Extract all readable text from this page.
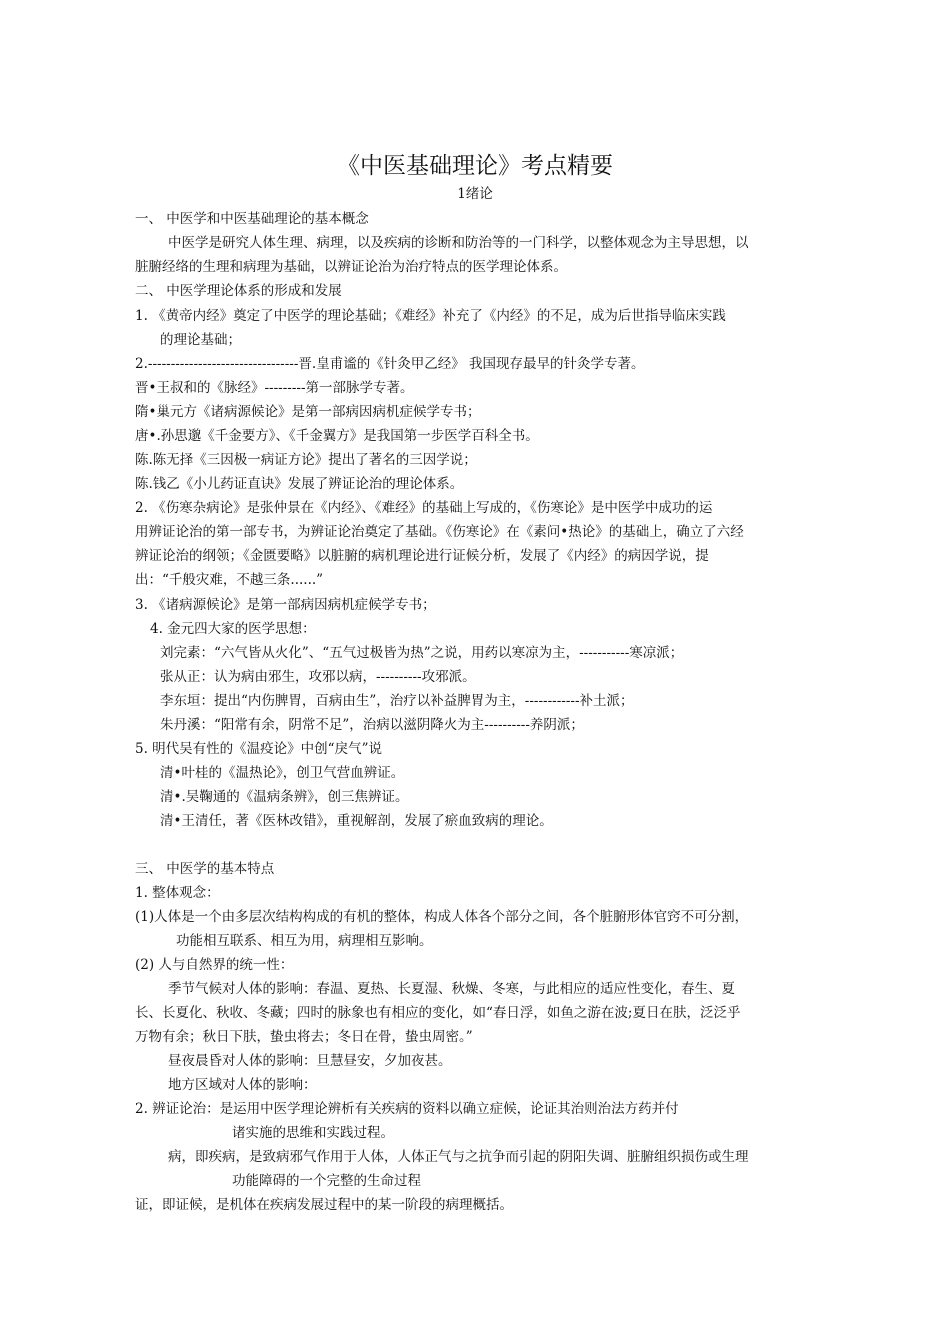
《中医基础理论》考点精要
1绪论
一、 中医学和中医基础理论的基本概念
中医学是研究人体生理、病理，以及疾病的诊断和防治等的一门科学，以整体观念为主导思想，以
脏腑经络的生理和病理为基础，以辨证论治为治疗特点的医学理论体系。
二、 中医学理论体系的形成和发展
1. 《黄帝内经》奠定了中医学的理论基础；《难经》补充了《内经》的不足，成为后世指导临床实践
的理论基础；
2.---------------------------------晋.皇甫谧的《针灸甲乙经》 我国现存最早的针灸学专著。
晋•王叔和的《脉经》---------第一部脉学专著。
隋•巢元方《诸病源候论》是第一部病因病机症候学专书；
唐•.孙思邈《千金要方》、《千金翼方》是我国第一步医学百科全书。
陈.陈无择《三因极一病证方论》提出了著名的三因学说；
陈.钱乙《小儿药证直诀》发展了辨证论治的理论体系。
2. 《伤寒杂病论》是张仲景在《内经》、《难经》的基础上写成的，《伤寒论》是中医学中成功的运
用辨证论治的第一部专书，为辨证论治奠定了基础。《伤寒论》在《素问•热论》的基础上，确立了六经
辨证论治的纲领；《金匮要略》以脏腑的病机理论进行证候分析，发展了《内经》的病因学说，提
出：“千般灾难，不越三条......”
3. 《诸病源候论》是第一部病因病机症候学专书；
4. 金元四大家的医学思想：
刘完素：“六气皆从火化”、“五气过极皆为热”之说，用药以寒凉为主，-----------寒凉派；
张从正：认为病由邪生，攻邪以病，----------攻邪派。
李东垣：提出“内伤脾胃，百病由生”，治疗以补益脾胃为主，------------补土派；
朱丹溪：“阳常有余，阴常不足”，治病以滋阴降火为主----------养阴派；
5. 明代吴有性的《温疫论》中创“戾气”说
清•叶桂的《温热论》，创卫气营血辨证。
清•.吴鞠通的《温病条辨》，创三焦辨证。
清•王清任，著《医林改错》，重视解剖，发展了瘀血致病的理论。
三、 中医学的基本特点
1. 整体观念：
(1)人体是一个由多层次结构构成的有机的整体，构成人体各个部分之间，各个脏腑形体官窍不可分割，
功能相互联系、相互为用，病理相互影响。
(2) 人与自然界的统一性：
季节气候对人体的影响：春温、夏热、长夏湿、秋燥、冬寒，与此相应的适应性变化，春生、夏
长、长夏化、秋收、冬藏；四时的脉象也有相应的变化，如“春日浮，如鱼之游在波;夏日在肤，泛泛乎
万物有余；秋日下肤，蛰虫将去；冬日在骨，蛰虫周密。”
昼夜晨昏对人体的影响：旦慧昼安，夕加夜甚。
地方区域对人体的影响：
2. 辨证论治：是运用中医学理论辨析有关疾病的资料以确立症候，论证其治则治法方药并付
诸实施的思维和实践过程。
病，即疾病，是致病邪气作用于人体，人体正气与之抗争而引起的阴阳失调、脏腑组织损伤或生理
功能障碍的一个完整的生命过程
证，即证候，是机体在疾病发展过程中的某一阶段的病理概括。
